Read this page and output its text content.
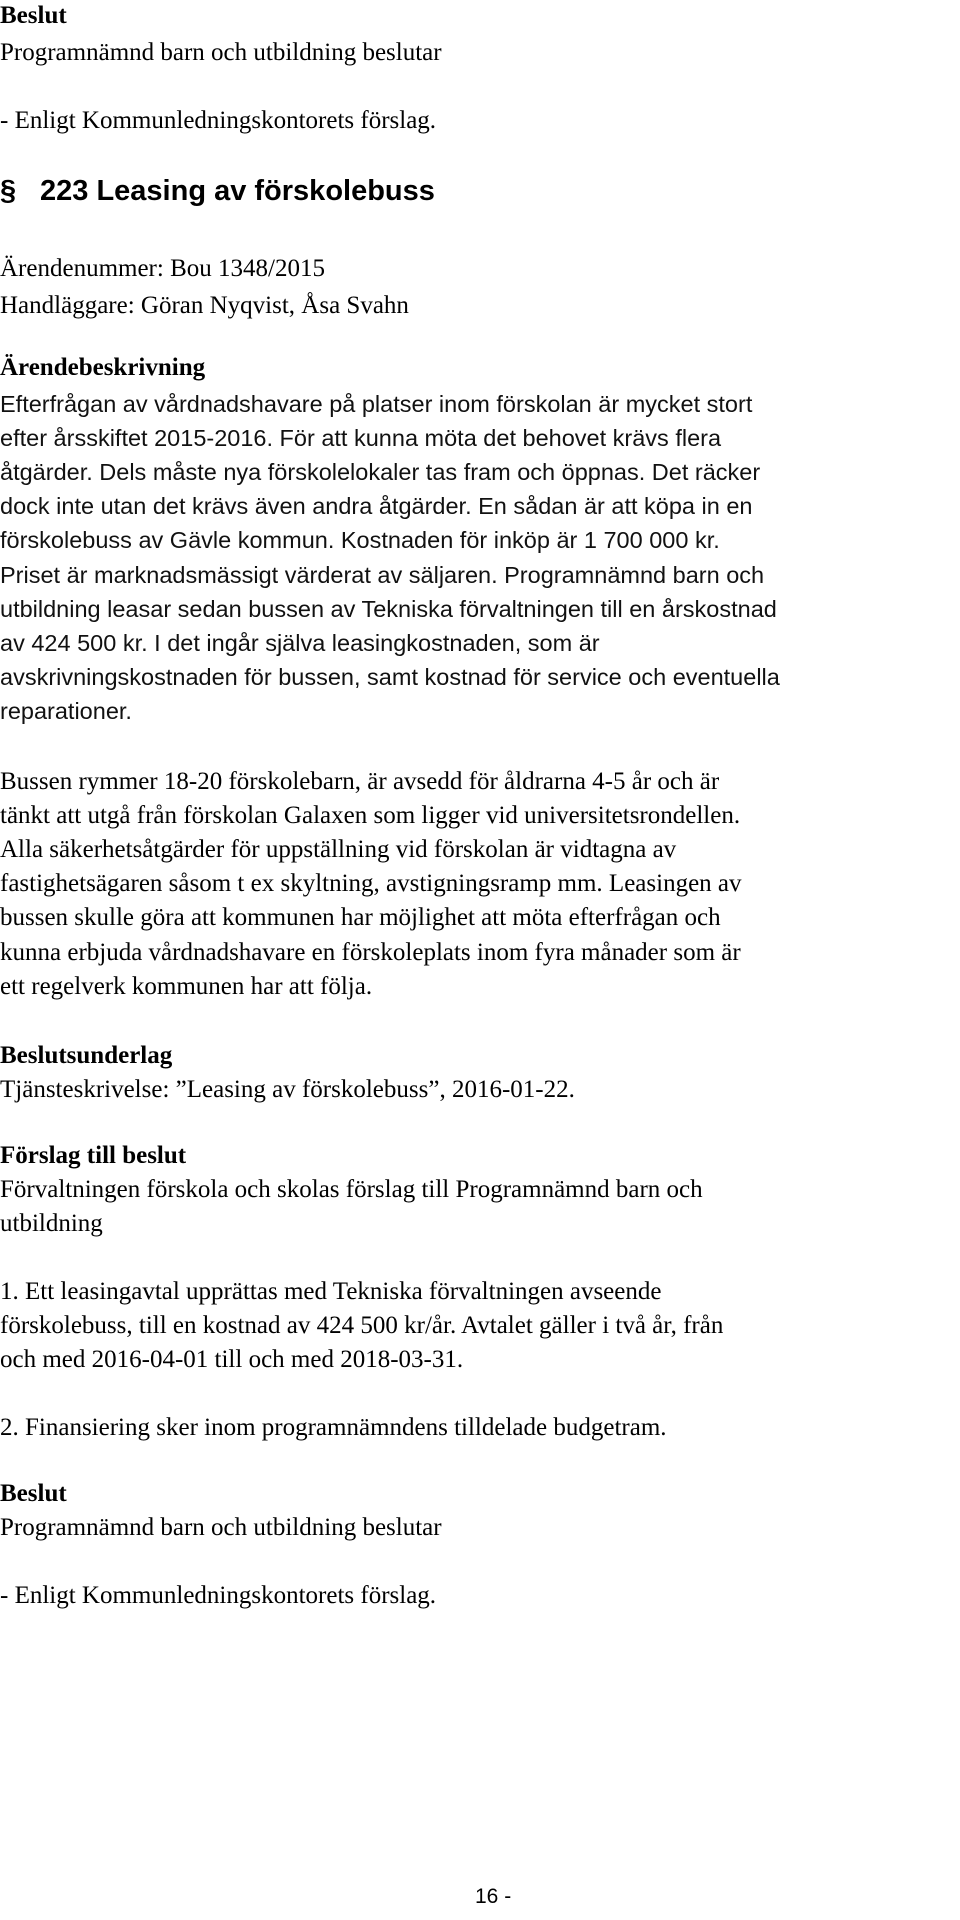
Beslut
Programnämnd barn och utbildning beslutar
- Enligt Kommunledningskontorets förslag.
§ 223 Leasing av förskolebuss
Ärendenummer: Bou 1348/2015
Handläggare: Göran Nyqvist, Åsa Svahn
Ärendebeskrivning
Efterfrågan av vårdnadshavare på platser inom förskolan är mycket stort
efter årsskiftet 2015-2016. För att kunna möta det behovet krävs flera
åtgärder. Dels måste nya förskolelokaler tas fram och öppnas. Det räcker
dock inte utan det krävs även andra åtgärder. En sådan är att köpa in en
förskolebuss av Gävle kommun. Kostnaden för inköp är 1 700 000 kr.
Priset är marknadsmässigt värderat av säljaren. Programnämnd barn och
utbildning leasar sedan bussen av Tekniska förvaltningen till en årskostnad
av 424 500 kr. I det ingår själva leasingkostnaden, som är
avskrivningskostnaden för bussen, samt kostnad för service och eventuella
reparationer.
Bussen rymmer 18-20 förskolebarn, är avsedd för åldrarna 4-5 år och är
tänkt att utgå från förskolan Galaxen som ligger vid universitetsrondellen.
Alla säkerhetsåtgärder för uppställning vid förskolan är vidtagna av
fastighetsägaren såsom t ex skyltning, avstigningsramp mm. Leasingen av
bussen skulle göra att kommunen har möjlighet att möta efterfrågan och
kunna erbjuda vårdnadshavare en förskoleplats inom fyra månader som är
ett regelverk kommunen har att följa.
Beslutsunderlag
Tjänsteskrivelse: ”Leasing av förskolebuss”, 2016-01-22.
Förslag till beslut
Förvaltningen förskola och skolas förslag till Programnämnd barn och
utbildning
1. Ett leasingavtal upprättas med Tekniska förvaltningen avseende
förskolebuss, till en kostnad av 424 500 kr/år. Avtalet gäller i två år, från
och med 2016-04-01 till och med 2018-03-31.
2. Finansiering sker inom programnämndens tilldelade budgetram.
Beslut
Programnämnd barn och utbildning beslutar
- Enligt Kommunledningskontorets förslag.
16 -
